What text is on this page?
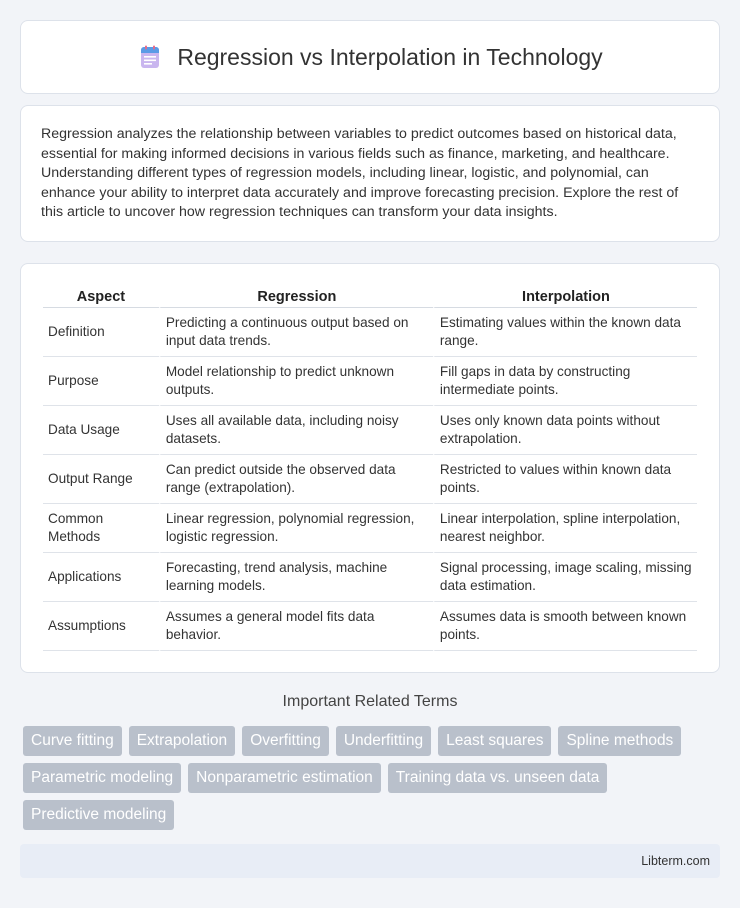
Regression vs Interpolation in Technology

Regression analyzes the relationship between variables to predict outcomes based on historical data, essential for making informed decisions in various fields such as finance, marketing, and healthcare. Understanding different types of regression models, including linear, logistic, and polynomial, can enhance your ability to interpret data accurately and improve forecasting precision. Explore the rest of this article to uncover how regression techniques can transform your data insights.

Aspect	Regression	Interpolation
Definition	Predicting a continuous output based on input data trends.	Estimating values within the known data range.
Purpose	Model relationship to predict unknown outputs.	Fill gaps in data by constructing intermediate points.
Data Usage	Uses all available data, including noisy datasets.	Uses only known data points without extrapolation.
Output Range	Can predict outside the observed data range (extrapolation).	Restricted to values within known data points.
Common Methods	Linear regression, polynomial regression, logistic regression.	Linear interpolation, spline interpolation, nearest neighbor.
Applications	Forecasting, trend analysis, machine learning models.	Signal processing, image scaling, missing data estimation.
Assumptions	Assumes a general model fits data behavior.	Assumes data is smooth between known points.
Important Related Terms
Curve fitting	Extrapolation	Overfitting	Underfitting	Least squares	Spline methods
Parametric modeling	Nonparametric estimation	Training data vs. unseen data
Predictive modeling
Libterm.com
